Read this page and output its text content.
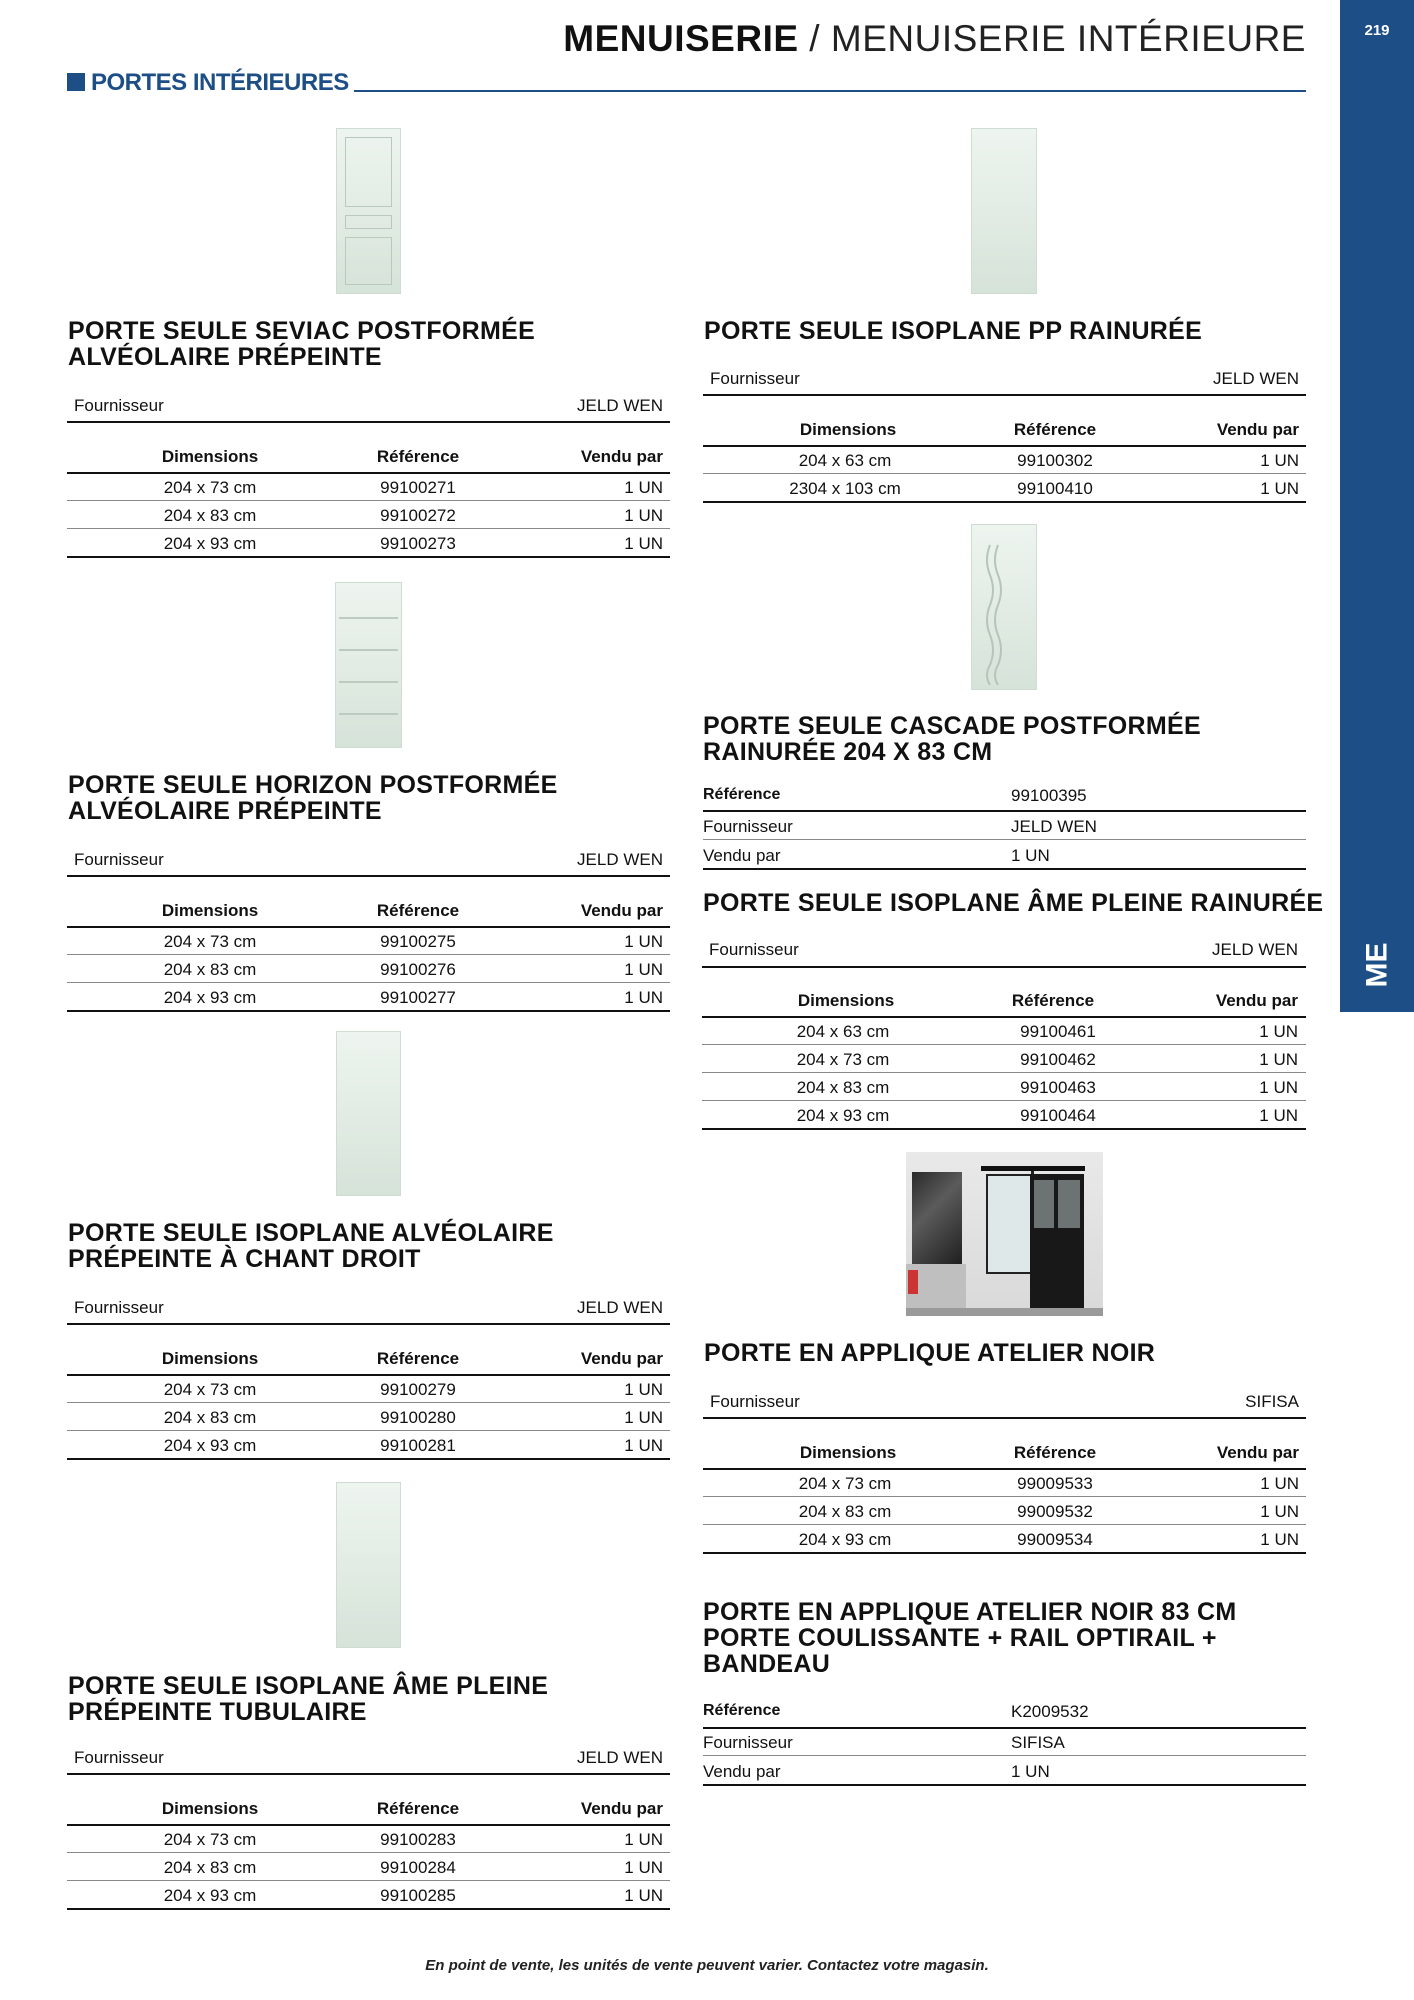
MENUISERIE / MENUISERIE INTÉRIEURE	219
ME
PORTES INTÉRIEURES
PORTE SEULE SEVIAC POSTFORMÉE
ALVÉOLAIRE PRÉPEINTE
Fournisseur	JELD WEN
Dimensions	Référence	Vendu par
204 x 73 cm	99100271	1 UN
204 x 83 cm	99100272	1 UN
204 x 93 cm	99100273	1 UN
PORTE SEULE HORIZON POSTFORMÉE
ALVÉOLAIRE PRÉPEINTE
Fournisseur	JELD WEN
Dimensions	Référence	Vendu par
204 x 73 cm	99100275	1 UN
204 x 83 cm	99100276	1 UN
204 x 93 cm	99100277	1 UN
PORTE SEULE ISOPLANE ALVÉOLAIRE
PRÉPEINTE À CHANT DROIT
Fournisseur	JELD WEN
Dimensions	Référence	Vendu par
204 x 73 cm	99100279	1 UN
204 x 83 cm	99100280	1 UN
204 x 93 cm	99100281	1 UN
PORTE SEULE ISOPLANE ÂME PLEINE
PRÉPEINTE TUBULAIRE
Fournisseur	JELD WEN
Dimensions	Référence	Vendu par
204 x 73 cm	99100283	1 UN
204 x 83 cm	99100284	1 UN
204 x 93 cm	99100285	1 UN
PORTE SEULE ISOPLANE PP RAINURÉE
Fournisseur	JELD WEN
Dimensions	Référence	Vendu par
204 x 63 cm	99100302	1 UN
2304 x 103 cm	99100410	1 UN
PORTE SEULE CASCADE POSTFORMÉE
RAINURÉE 204 X 83 CM
Référence	99100395
Fournisseur	JELD WEN
Vendu par	1 UN
PORTE SEULE ISOPLANE ÂME PLEINE RAINURÉE
Fournisseur	JELD WEN
Dimensions	Référence	Vendu par
204 x 63 cm	99100461	1 UN
204 x 73 cm	99100462	1 UN
204 x 83 cm	99100463	1 UN
204 x 93 cm	99100464	1 UN
PORTE EN APPLIQUE ATELIER NOIR
Fournisseur	SIFISA
Dimensions	Référence	Vendu par
204 x 73 cm	99009533	1 UN
204 x 83 cm	99009532	1 UN
204 x 93 cm	99009534	1 UN
PORTE EN APPLIQUE ATELIER NOIR 83 CM
PORTE COULISSANTE + RAIL OPTIRAIL +
BANDEAU
Référence	K2009532
Fournisseur	SIFISA
Vendu par	1 UN
En point de vente, les unités de vente peuvent varier. Contactez votre magasin.
